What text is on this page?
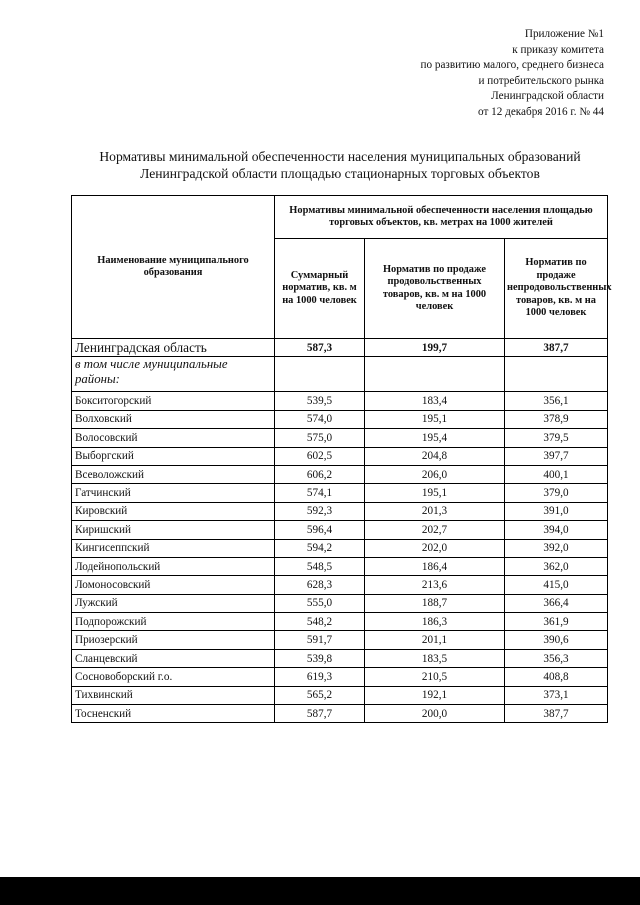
Приложение №1
к приказу комитета
по развитию малого, среднего бизнеса
и потребительского рынка
Ленинградской области
от 12 декабря 2016 г. № 44
Нормативы минимальной обеспеченности населения муниципальных образований
Ленинградской области площадью стационарных торговых объектов
Наименование муниципального образования	Нормативы минимальной обеспеченности населения площадью торговых объектов, кв. метрах на 1000 жителей		
	Суммарный норматив, кв. м на 1000 человек	Норматив по продаже продовольственных товаров, кв. м на 1000 человек	Норматив по продаже непродовольственных товаров, кв. м на 1000 человек
Ленинградская область	587,3	199,7	387,7
в том числе муниципальные районы:			
Бокситогорский	539,5	183,4	356,1
Волховский	574,0	195,1	378,9
Волосовский	575,0	195,4	379,5
Выборгский	602,5	204,8	397,7
Всеволожский	606,2	206,0	400,1
Гатчинский	574,1	195,1	379,0
Кировский	592,3	201,3	391,0
Киришский	596,4	202,7	394,0
Кингисеппский	594,2	202,0	392,0
Лодейнопольский	548,5	186,4	362,0
Ломоносовский	628,3	213,6	415,0
Лужский	555,0	188,7	366,4
Подпорожский	548,2	186,3	361,9
Приозерский	591,7	201,1	390,6
Сланцевский	539,8	183,5	356,3
Сосновоборский г.о.	619,3	210,5	408,8
Тихвинский	565,2	192,1	373,1
Тосненский	587,7	200,0	387,7
